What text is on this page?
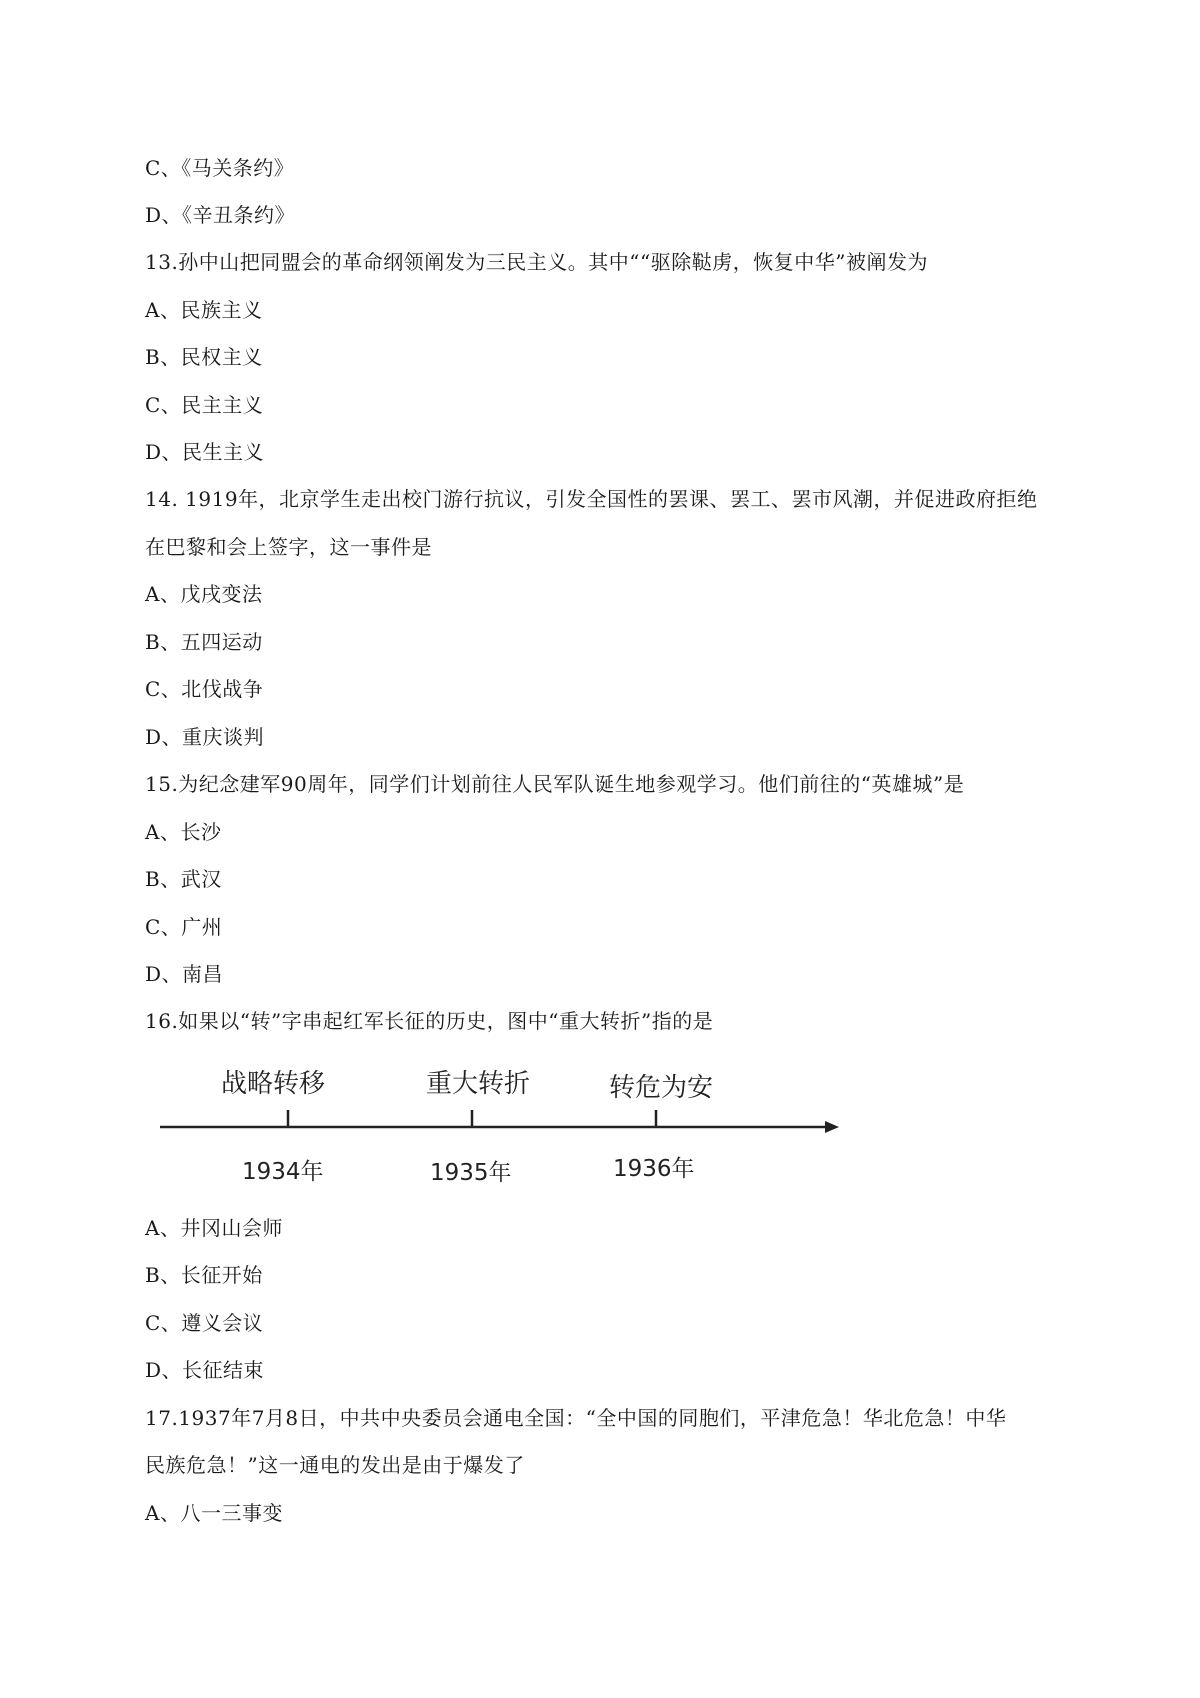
C、《马关条约》
D、《辛丑条约》
13.孙中山把同盟会的革命纲领阐发为三民主义。其中““驱除鞑虏，恢复中华”被阐发为
A、民族主义
B、民权主义
C、民主主义
D、民生主义
14. 1919年，北京学生走出校门游行抗议，引发全国性的罢课、罢工、罢市风潮，并促进政府拒绝
在巴黎和会上签字，这一事件是
A、戊戌变法
B、五四运动
C、北伐战争
D、重庆谈判
15.为纪念建军90周年，同学们计划前往人民军队诞生地参观学习。他们前往的“英雄城”是
A、长沙
B、武汉
C、广州
D、南昌
16.如果以“转”字串起红军长征的历史，图中“重大转折”指的是
战略转移	重大转折	转危为安
1934年	1935年	1936年
A、井冈山会师
B、长征开始
C、遵义会议
D、长征结束
17.1937年7月8日，中共中央委员会通电全国：“全中国的同胞们，平津危急！华北危急！中华
民族危急！”这一通电的发出是由于爆发了
A、八一三事变
